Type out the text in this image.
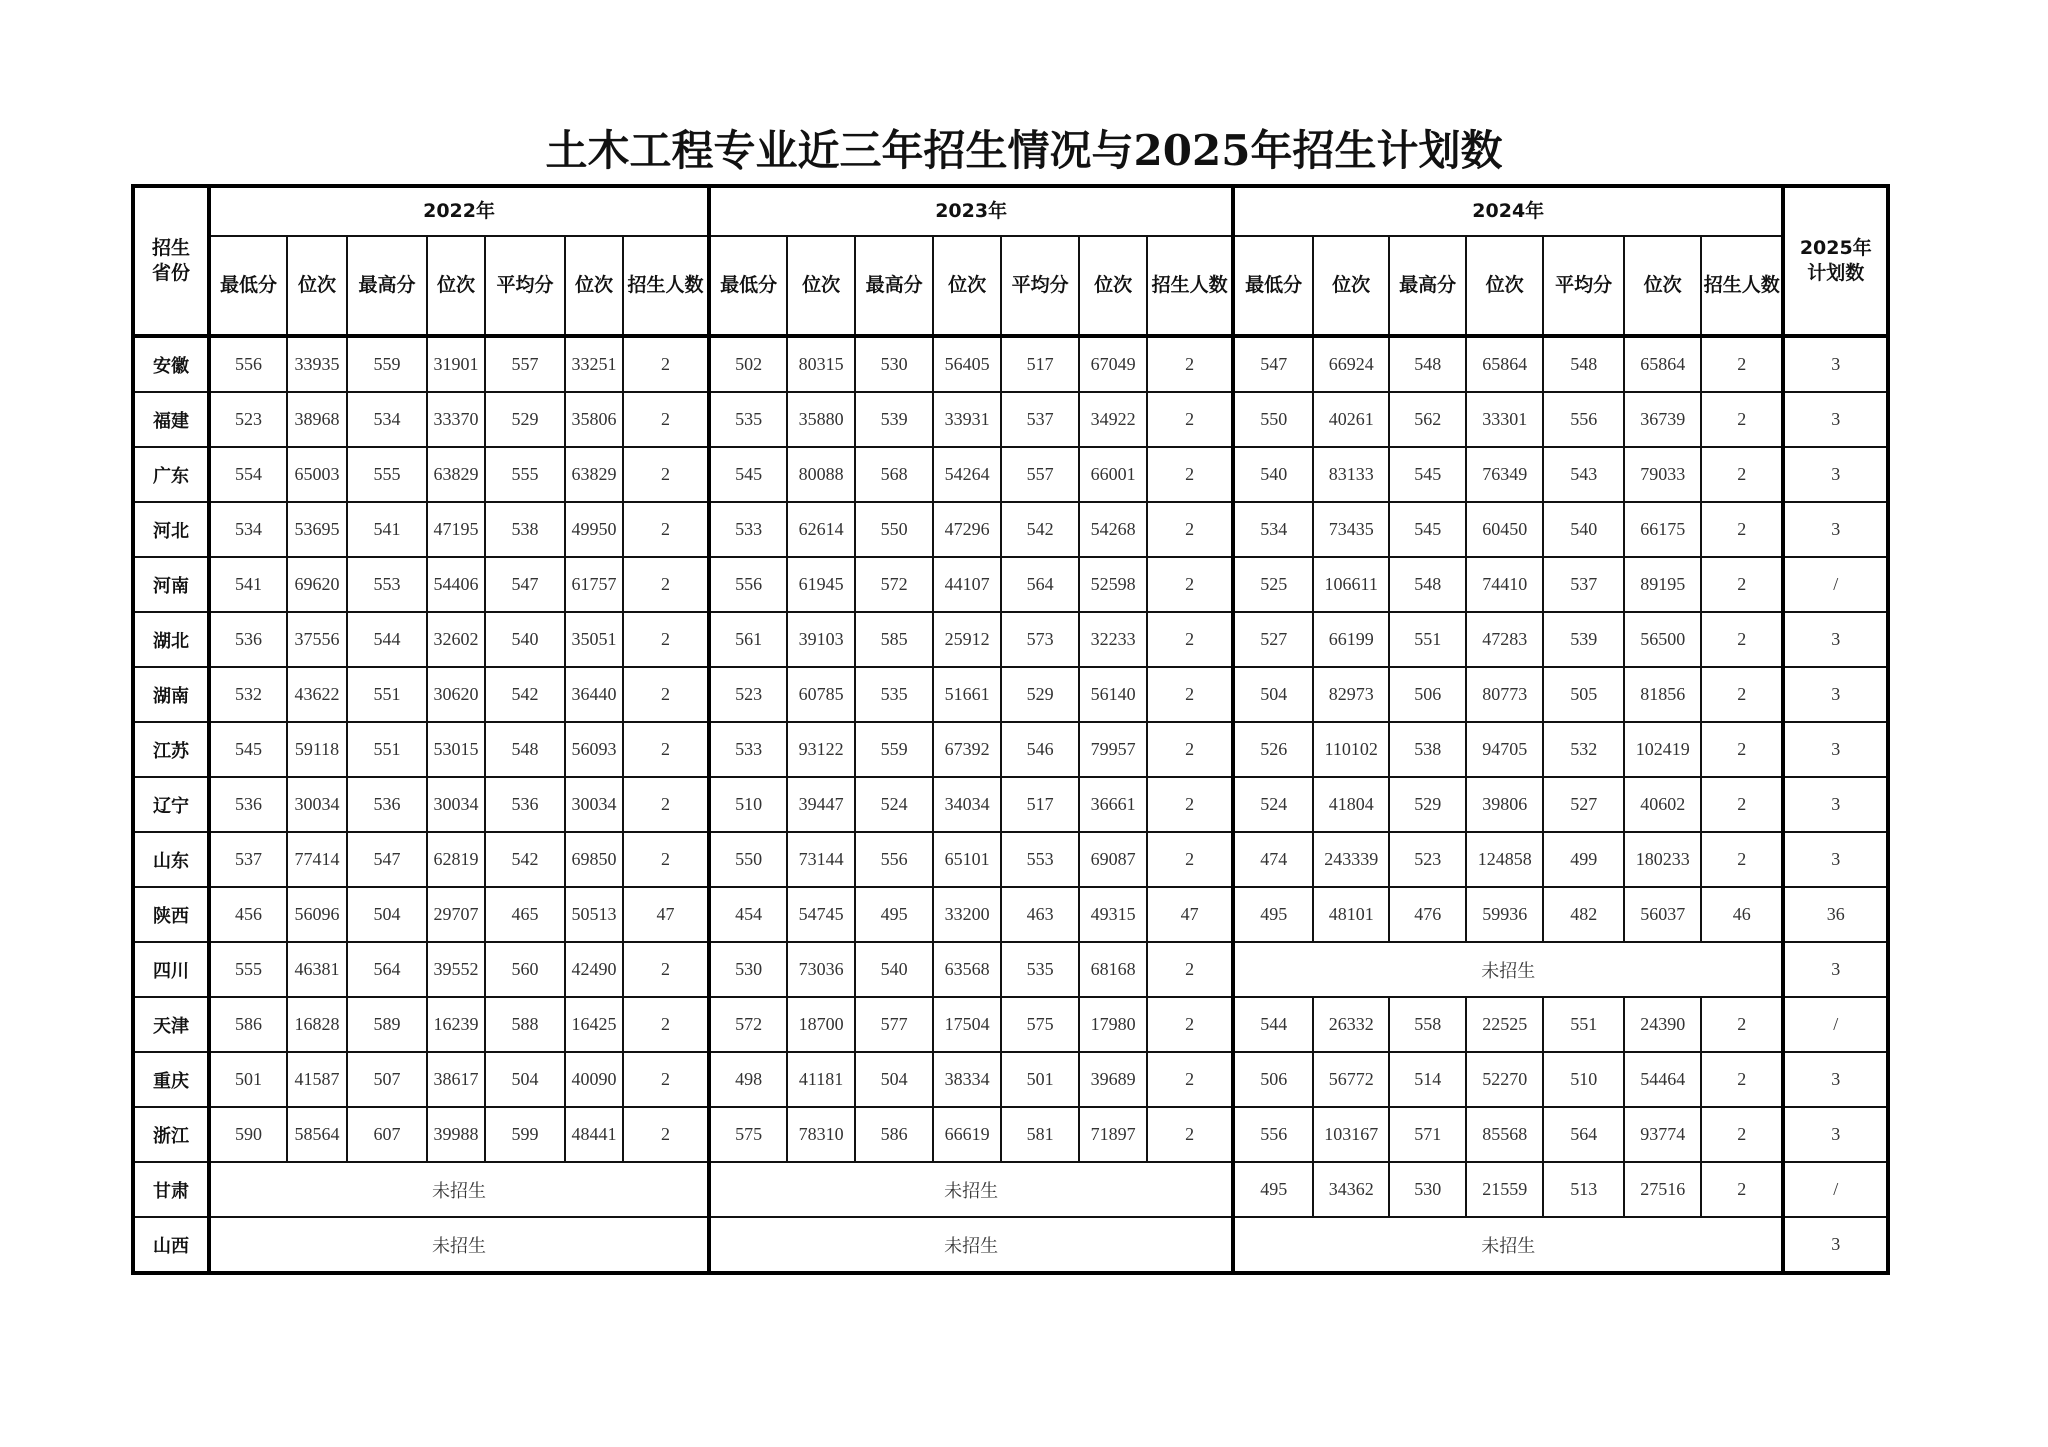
土木工程专业近三年招生情况与2025年招生计划数
招生省份	2022年							2023年							2024年							2025年计划数
	最低分	位次	最高分	位次	平均分	位次	招生人数	最低分	位次	最高分	位次	平均分	位次	招生人数	最低分	位次	最高分	位次	平均分	位次	招生人数	
安徽	556	33935	559	31901	557	33251	2	502	80315	530	56405	517	67049	2	547	66924	548	65864	548	65864	2	3
福建	523	38968	534	33370	529	35806	2	535	35880	539	33931	537	34922	2	550	40261	562	33301	556	36739	2	3
广东	554	65003	555	63829	555	63829	2	545	80088	568	54264	557	66001	2	540	83133	545	76349	543	79033	2	3
河北	534	53695	541	47195	538	49950	2	533	62614	550	47296	542	54268	2	534	73435	545	60450	540	66175	2	3
河南	541	69620	553	54406	547	61757	2	556	61945	572	44107	564	52598	2	525	106611	548	74410	537	89195	2	/
湖北	536	37556	544	32602	540	35051	2	561	39103	585	25912	573	32233	2	527	66199	551	47283	539	56500	2	3
湖南	532	43622	551	30620	542	36440	2	523	60785	535	51661	529	56140	2	504	82973	506	80773	505	81856	2	3
江苏	545	59118	551	53015	548	56093	2	533	93122	559	67392	546	79957	2	526	110102	538	94705	532	102419	2	3
辽宁	536	30034	536	30034	536	30034	2	510	39447	524	34034	517	36661	2	524	41804	529	39806	527	40602	2	3
山东	537	77414	547	62819	542	69850	2	550	73144	556	65101	553	69087	2	474	243339	523	124858	499	180233	2	3
陕西	456	56096	504	29707	465	50513	47	454	54745	495	33200	463	49315	47	495	48101	476	59936	482	56037	46	36
四川	555	46381	564	39552	560	42490	2	530	73036	540	63568	535	68168	2	未招生							3
天津	586	16828	589	16239	588	16425	2	572	18700	577	17504	575	17980	2	544	26332	558	22525	551	24390	2	/
重庆	501	41587	507	38617	504	40090	2	498	41181	504	38334	501	39689	2	506	56772	514	52270	510	54464	2	3
浙江	590	58564	607	39988	599	48441	2	575	78310	586	66619	581	71897	2	556	103167	571	85568	564	93774	2	3
甘肃	未招生							未招生							495	34362	530	21559	513	27516	2	/
山西	未招生							未招生							未招生							3
